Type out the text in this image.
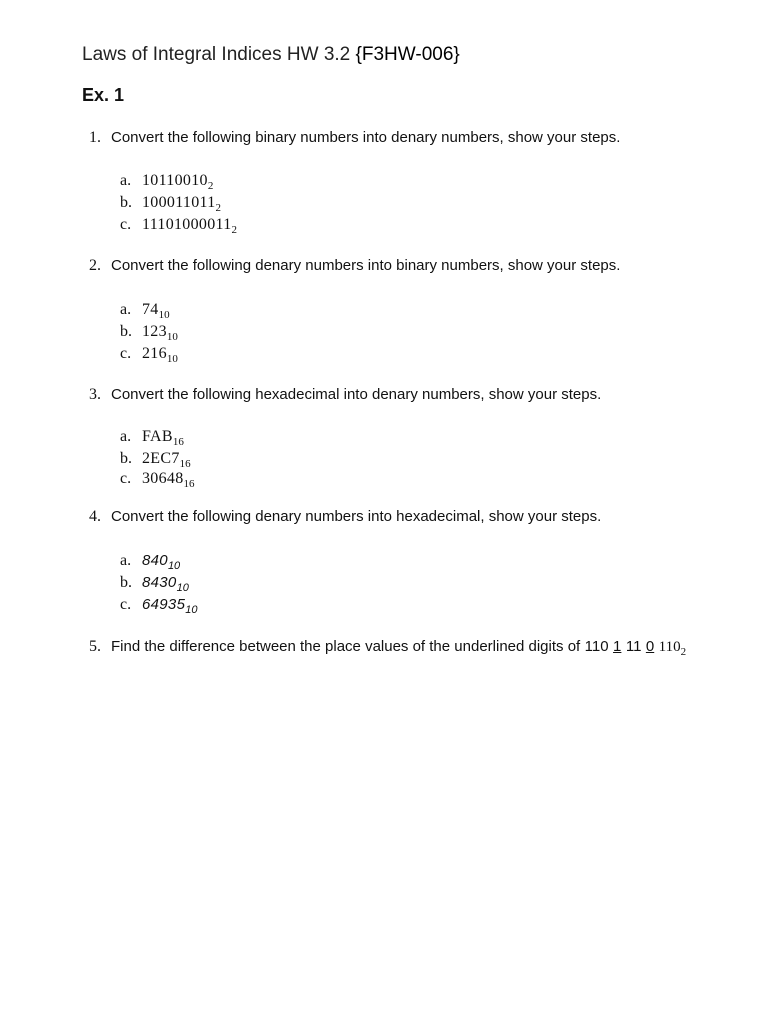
Laws of Integral Indices HW 3.2 {F3HW-006}
Ex. 1
1. Convert the following binary numbers into denary numbers, show your steps.
a. $10110010_2$
b. $100011011_2$
c. $11101000011_2$
2. Convert the following denary numbers into binary numbers, show your steps.
a. $74_{10}$
b. $123_{10}$
c. $216_{10}$
3. Convert the following hexadecimal into denary numbers, show your steps.
a. $FAB_{16}$
b. $2EC7_{16}$
c. $30648_{16}$
4. Convert the following denary numbers into hexadecimal, show your steps.
a. $840_{10}$
b. $8430_{10}$
c. $64935_{10}$
5. Find the difference between the place values of the underlined digits of 110 1 11 0 $110_2$
